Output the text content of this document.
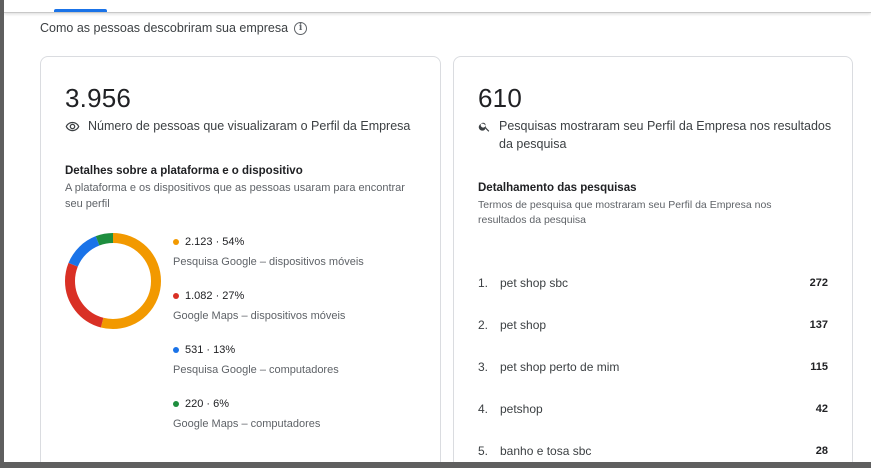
Como as pessoas descobriram sua empresa	i
3.956
Número de pessoas que visualizaram o Perfil da Empresa
Detalhes sobre a plataforma e o dispositivo
A plataforma e os dispositivos que as pessoas usaram para encontrar
seu perfil
2.123 · 54%
Pesquisa Google – dispositivos móveis
1.082 · 27%
Google Maps – dispositivos móveis
531 · 13%
Pesquisa Google – computadores
220 · 6%
Google Maps – computadores
610
Pesquisas mostraram seu Perfil da Empresa nos resultados
da pesquisa
Detalhamento das pesquisas
Termos de pesquisa que mostraram seu Perfil da Empresa nos
resultados da pesquisa
1. pet shop sbc	272
2. pet shop	137
3. pet shop perto de mim	115
4. petshop	42
5. banho e tosa sbc	28
